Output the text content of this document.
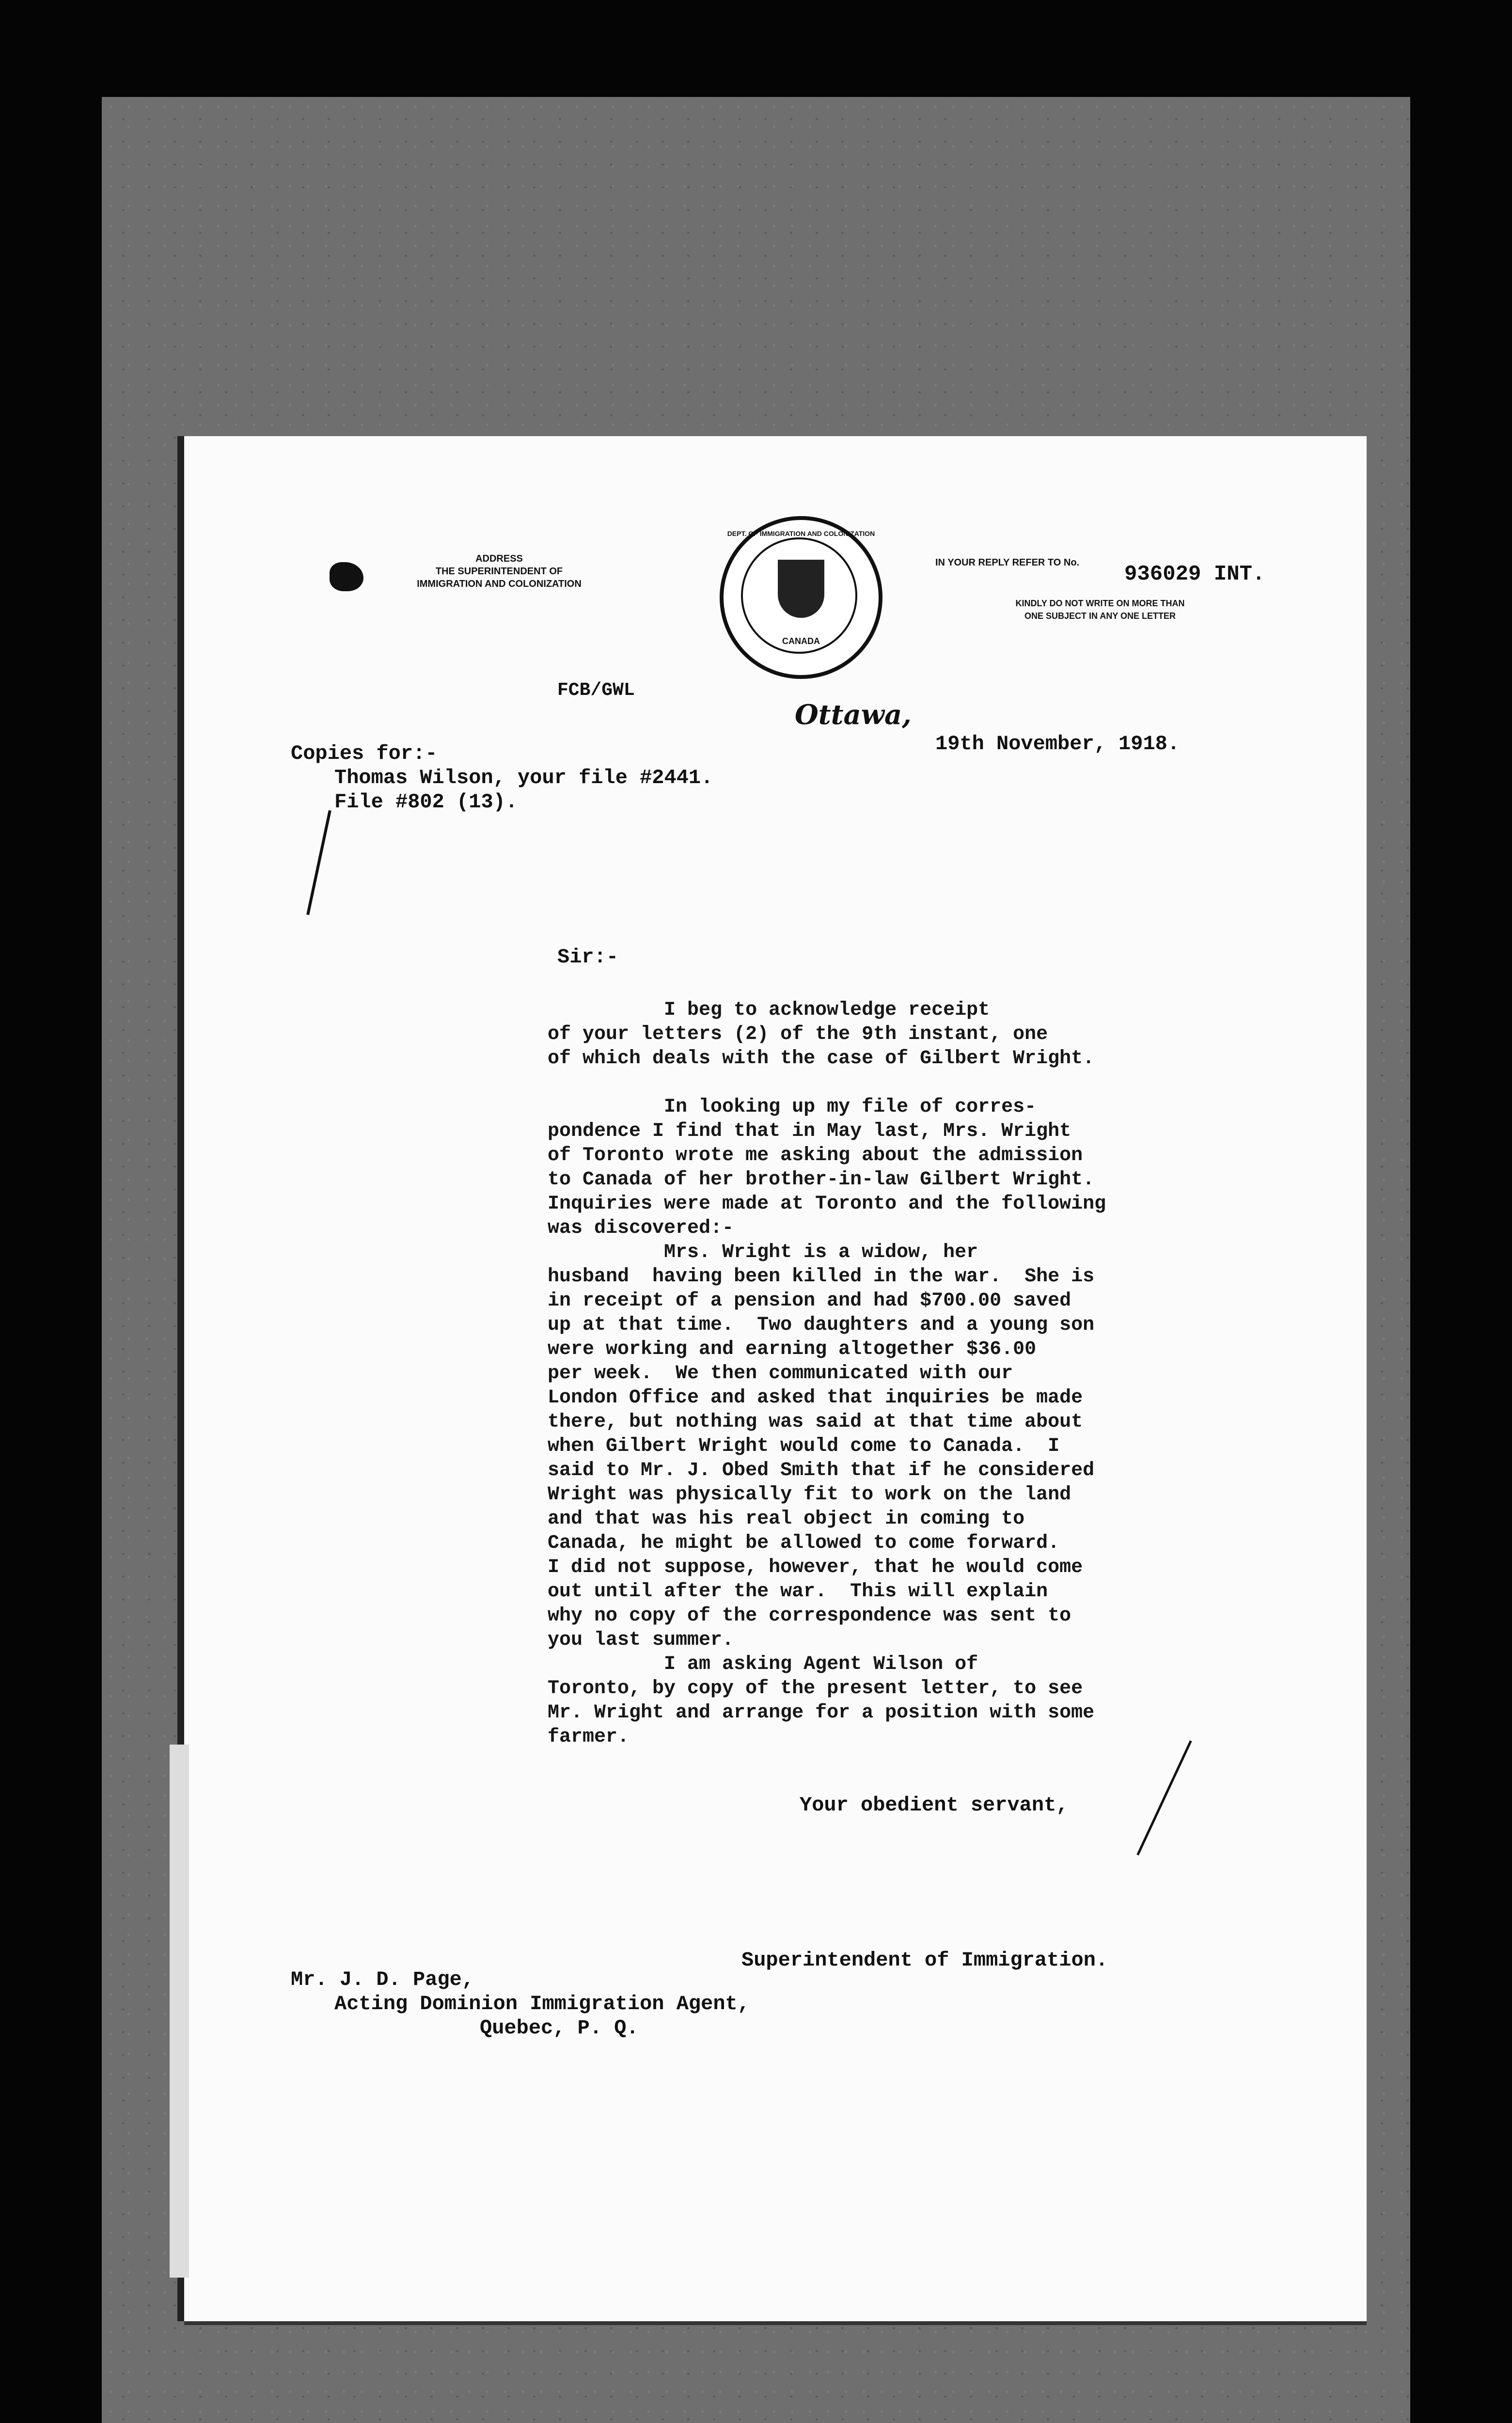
ADDRESS
THE SUPERINTENDENT OF
IMMIGRATION AND COLONIZATION
DEPT. OF IMMIGRATION AND COLONIZATION
CANADA
IN YOUR REPLY REFER TO No.	936029 INT.
KINDLY DO NOT WRITE ON MORE THAN
ONE SUBJECT IN ANY ONE LETTER
FCB/GWL
Ottawa,
19th November, 1918.
Copies for:-
Thomas Wilson, your file #2441.
File #802 (13).
Sir:-
I beg to acknowledge receipt
of your letters (2) of the 9th instant, one
of which deals with the case of Gilbert Wright.

In looking up my file of corres-
pondence I find that in May last, Mrs. Wright
of Toronto wrote me asking about the admission
to Canada of her brother-in-law Gilbert Wright.
Inquiries were made at Toronto and the following
was discovered:-
Mrs. Wright is a widow, her
husband  having been killed in the war.  She is
in receipt of a pension and had $700.00 saved
up at that time.  Two daughters and a young son
were working and earning altogether $36.00
per week.  We then communicated with our
London Office and asked that inquiries be made
there, but nothing was said at that time about
when Gilbert Wright would come to Canada.  I
said to Mr. J. Obed Smith that if he considered
Wright was physically fit to work on the land
and that was his real object in coming to
Canada, he might be allowed to come forward.
I did not suppose, however, that he would come
out until after the war.  This will explain
why no copy of the correspondence was sent to
you last summer.
I am asking Agent Wilson of
Toronto, by copy of the present letter, to see
Mr. Wright and arrange for a position with some
farmer.
Your obedient servant,
Superintendent of Immigration.
Mr. J. D. Page,
Acting Dominion Immigration Agent,
Quebec, P. Q.
